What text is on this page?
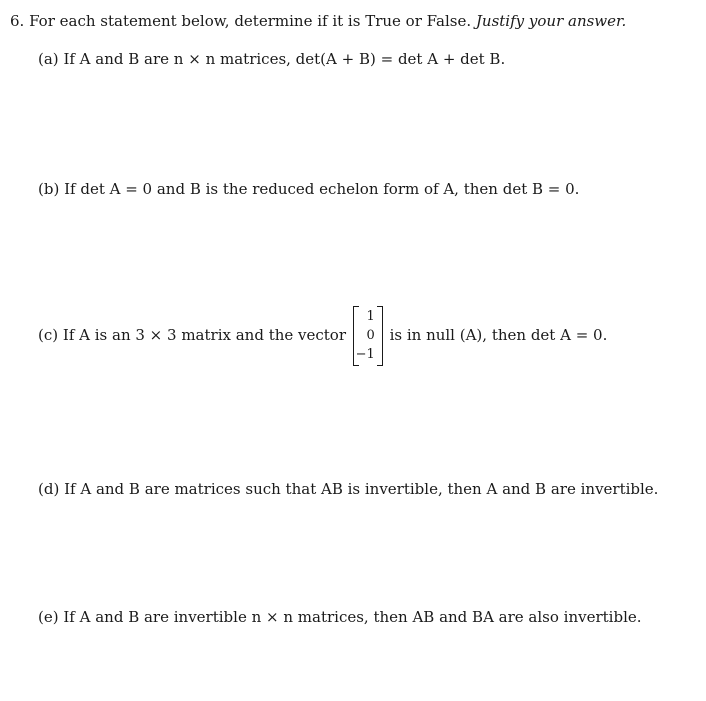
6. For each statement below, determine if it is True or False. Justify your answer.
(a) If A and B are n × n matrices, det(A + B) = det A + det B.
(b) If det A = 0 and B is the reduced echelon form of A, then det B = 0.
(c) If A is an 3 × 3 matrix and the vector
1
0
−1
is in null (A), then det A = 0.
(d) If A and B are matrices such that AB is invertible, then A and B are invertible.
(e) If A and B are invertible n × n matrices, then AB and BA are also invertible.
